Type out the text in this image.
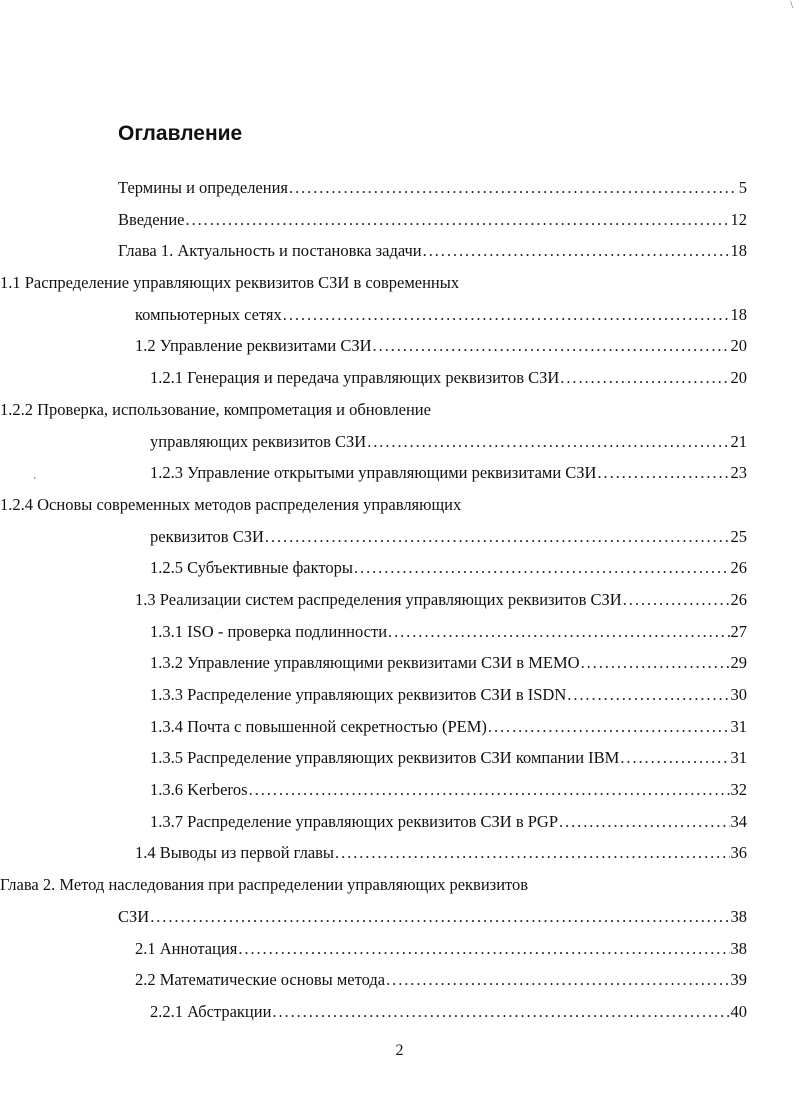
\
'
Оглавление
Термины и определения . . .	5
Введение . . .	12
Глава 1. Актуальность и постановка задачи . . .	18
1.1 Распределение управляющих реквизитов СЗИ в современных
компьютерных сетях . . .	18
1.2 Управление реквизитами СЗИ . . .	20
1.2.1 Генерация и передача управляющих реквизитов СЗИ . . .	20
1.2.2 Проверка, использование, компрометация и обновление
управляющих реквизитов СЗИ . . .	21
1.2.3 Управление открытыми управляющими реквизитами СЗИ . . .	23
1.2.4 Основы современных методов распределения управляющих
реквизитов СЗИ . . .	25
1.2.5 Субъективные факторы . . .	26
1.3 Реализации систем распределения управляющих реквизитов СЗИ . . .	26
1.3.1 ISO - проверка подлинности . . .	27
1.3.2 Управление управляющими реквизитами СЗИ в МЕМО . . .	29
1.3.3 Распределение управляющих реквизитов СЗИ в ISDN . . .	30
1.3.4 Почта с повышенной секретностью (PEM) . . .	31
1.3.5 Распределение управляющих реквизитов СЗИ компании IBM . . .	31
1.3.6 Kerberos . . .	32
1.3.7 Распределение управляющих реквизитов СЗИ в PGP . . .	34
1.4 Выводы из первой главы . . .	36
Глава 2. Метод наследования при распределении управляющих реквизитов
СЗИ . . .	38
2.1 Аннотация . . .	38
2.2 Математические основы метода . . .	39
2.2.1 Абстракции . . .	40
2
